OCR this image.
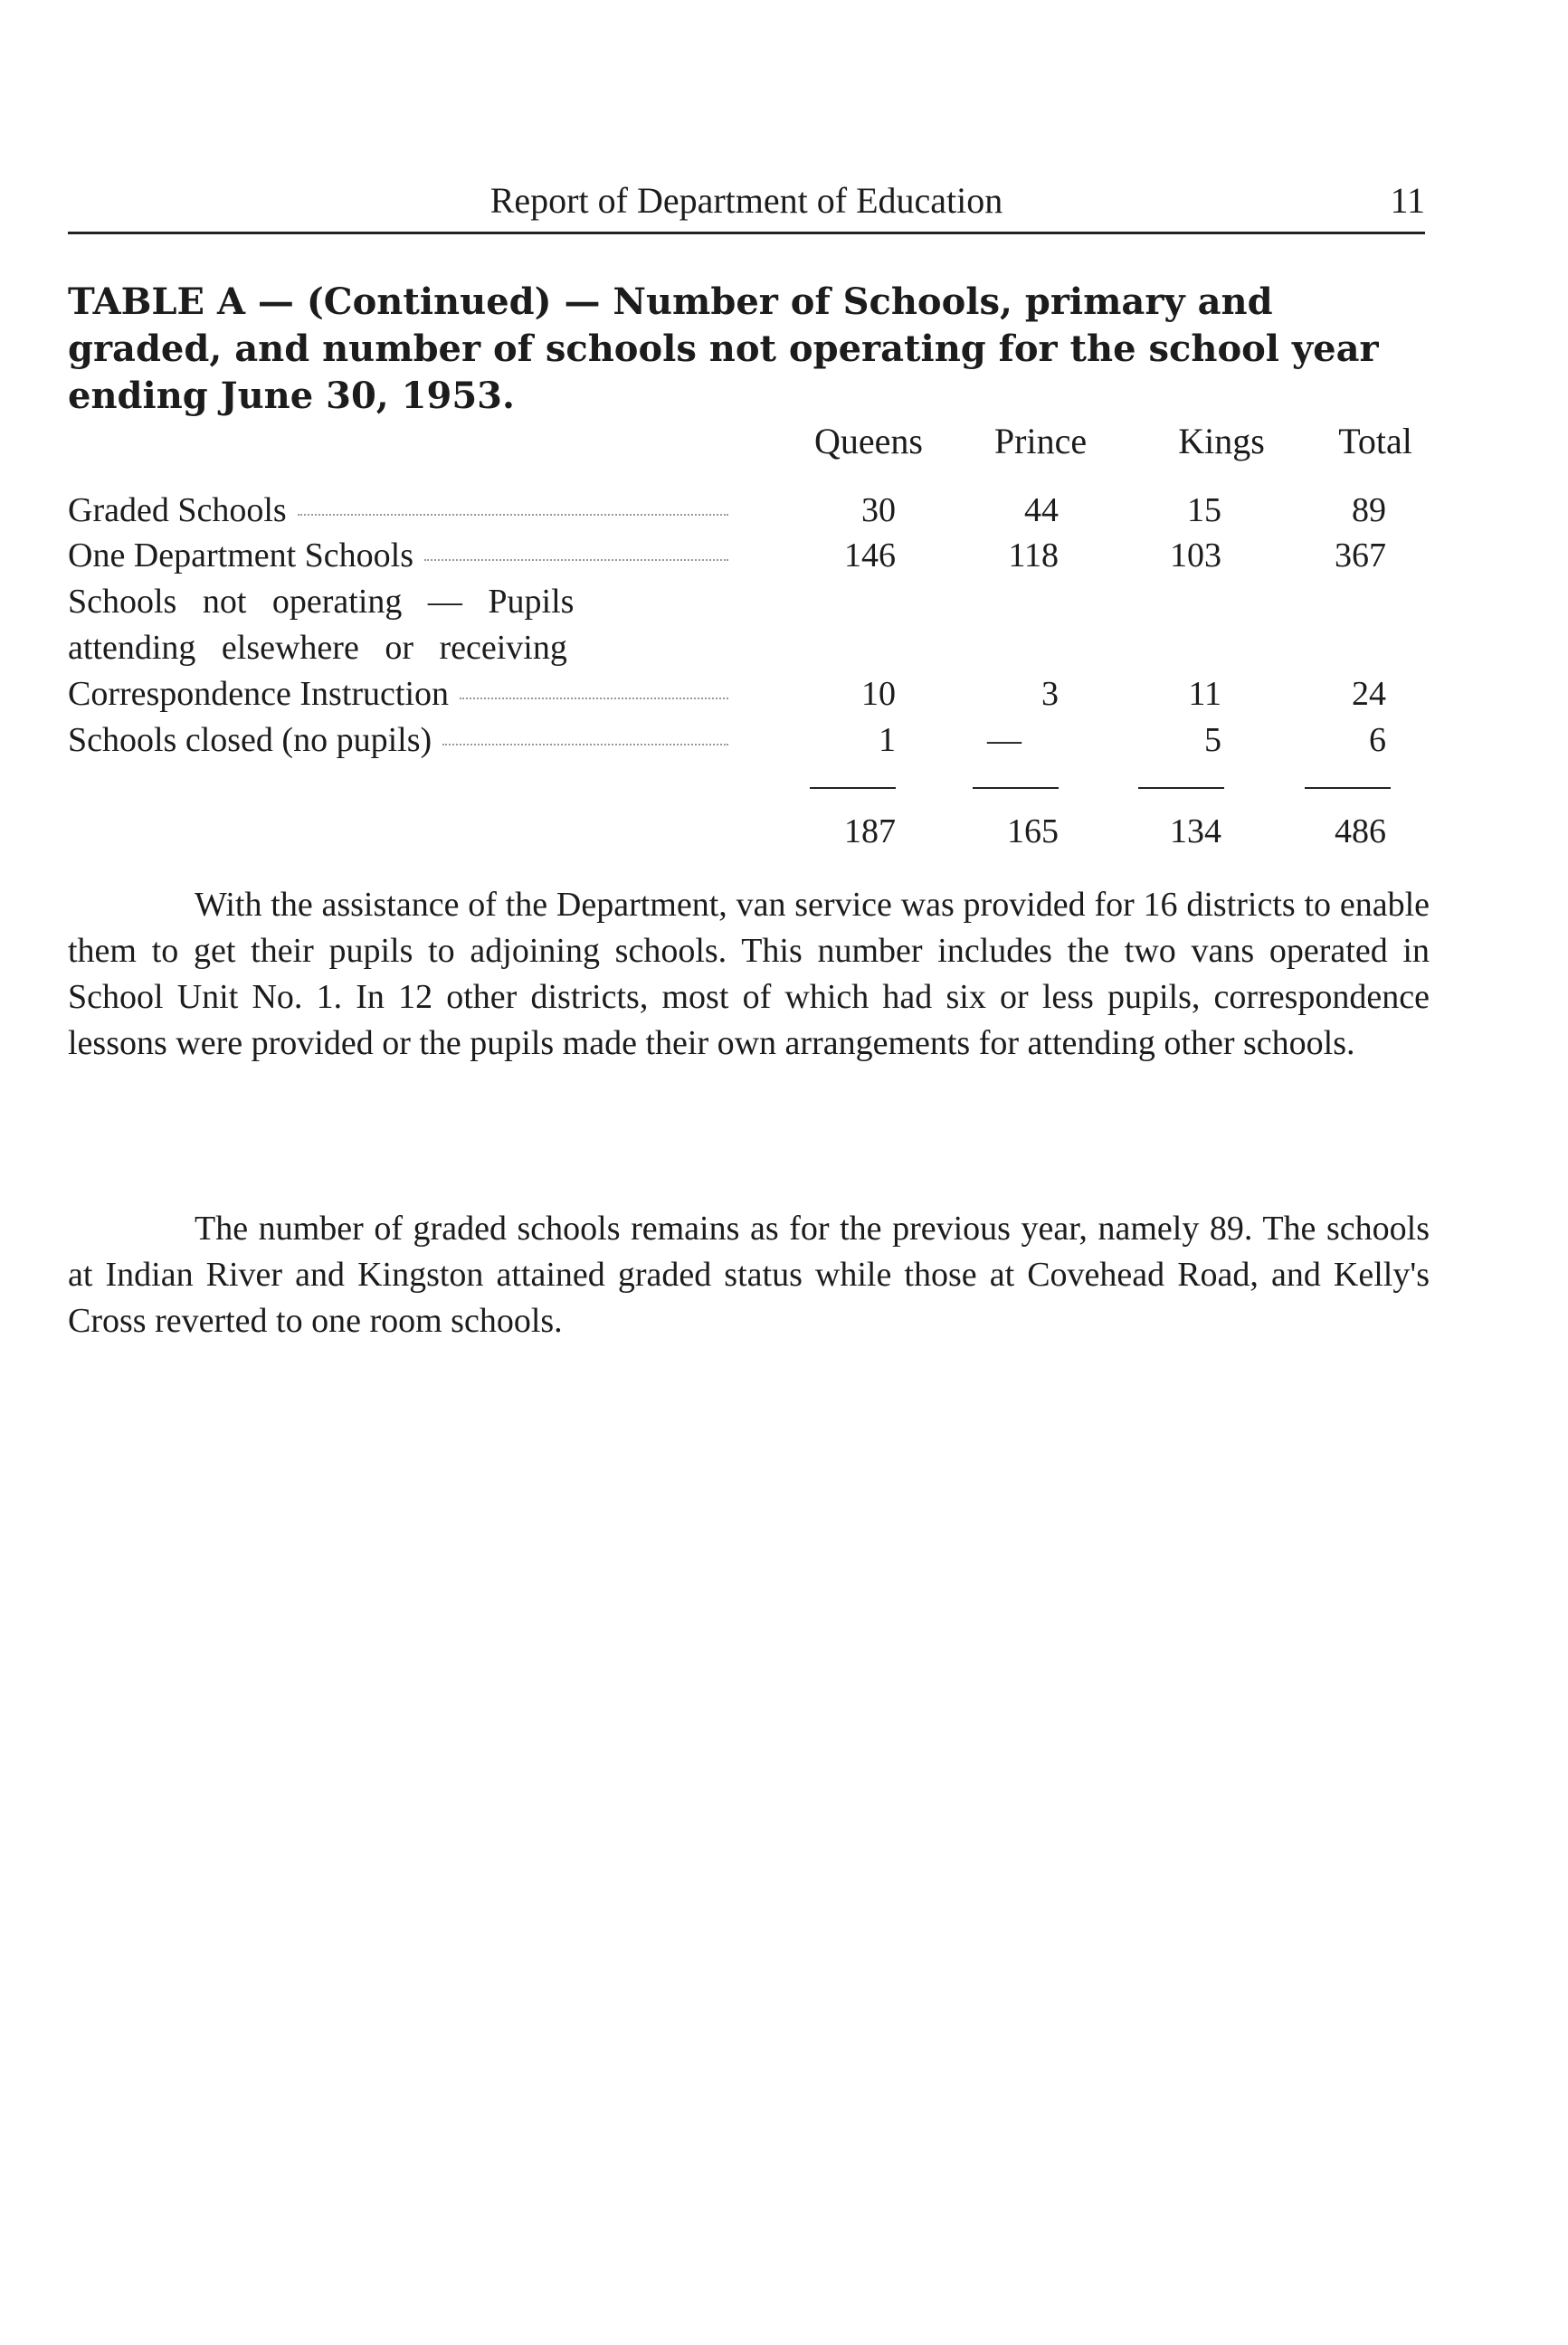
Report of Department of Education	11
TABLE A — (Continued) — Number of Schools, primary and graded, and number of schools not operating for the school year ending June 30, 1953.
Queens	Prince	Kings	Total
Graded Schools	30	44	15	89
One Department Schools	146	118	103	367
Schools   not   operating   —   Pupils
attending   elsewhere   or   receiving
Correspondence Instruction	10	3	11	24
Schools closed (no pupils)	1	—	5	6
187	165	134	486

With the assistance of the Department, van service was provided for 16 districts to enable them to get their pupils to adjoining schools. This number includes the two vans operated in School Unit No. 1. In 12 other districts, most of which had six or less pupils, correspondence lessons were provided or the pupils made their own arrangements for attending other schools.

The number of graded schools remains as for the previous year, namely 89. The schools at Indian River and Kingston attained graded status while those at Covehead Road, and Kelly's Cross reverted to one room schools.
